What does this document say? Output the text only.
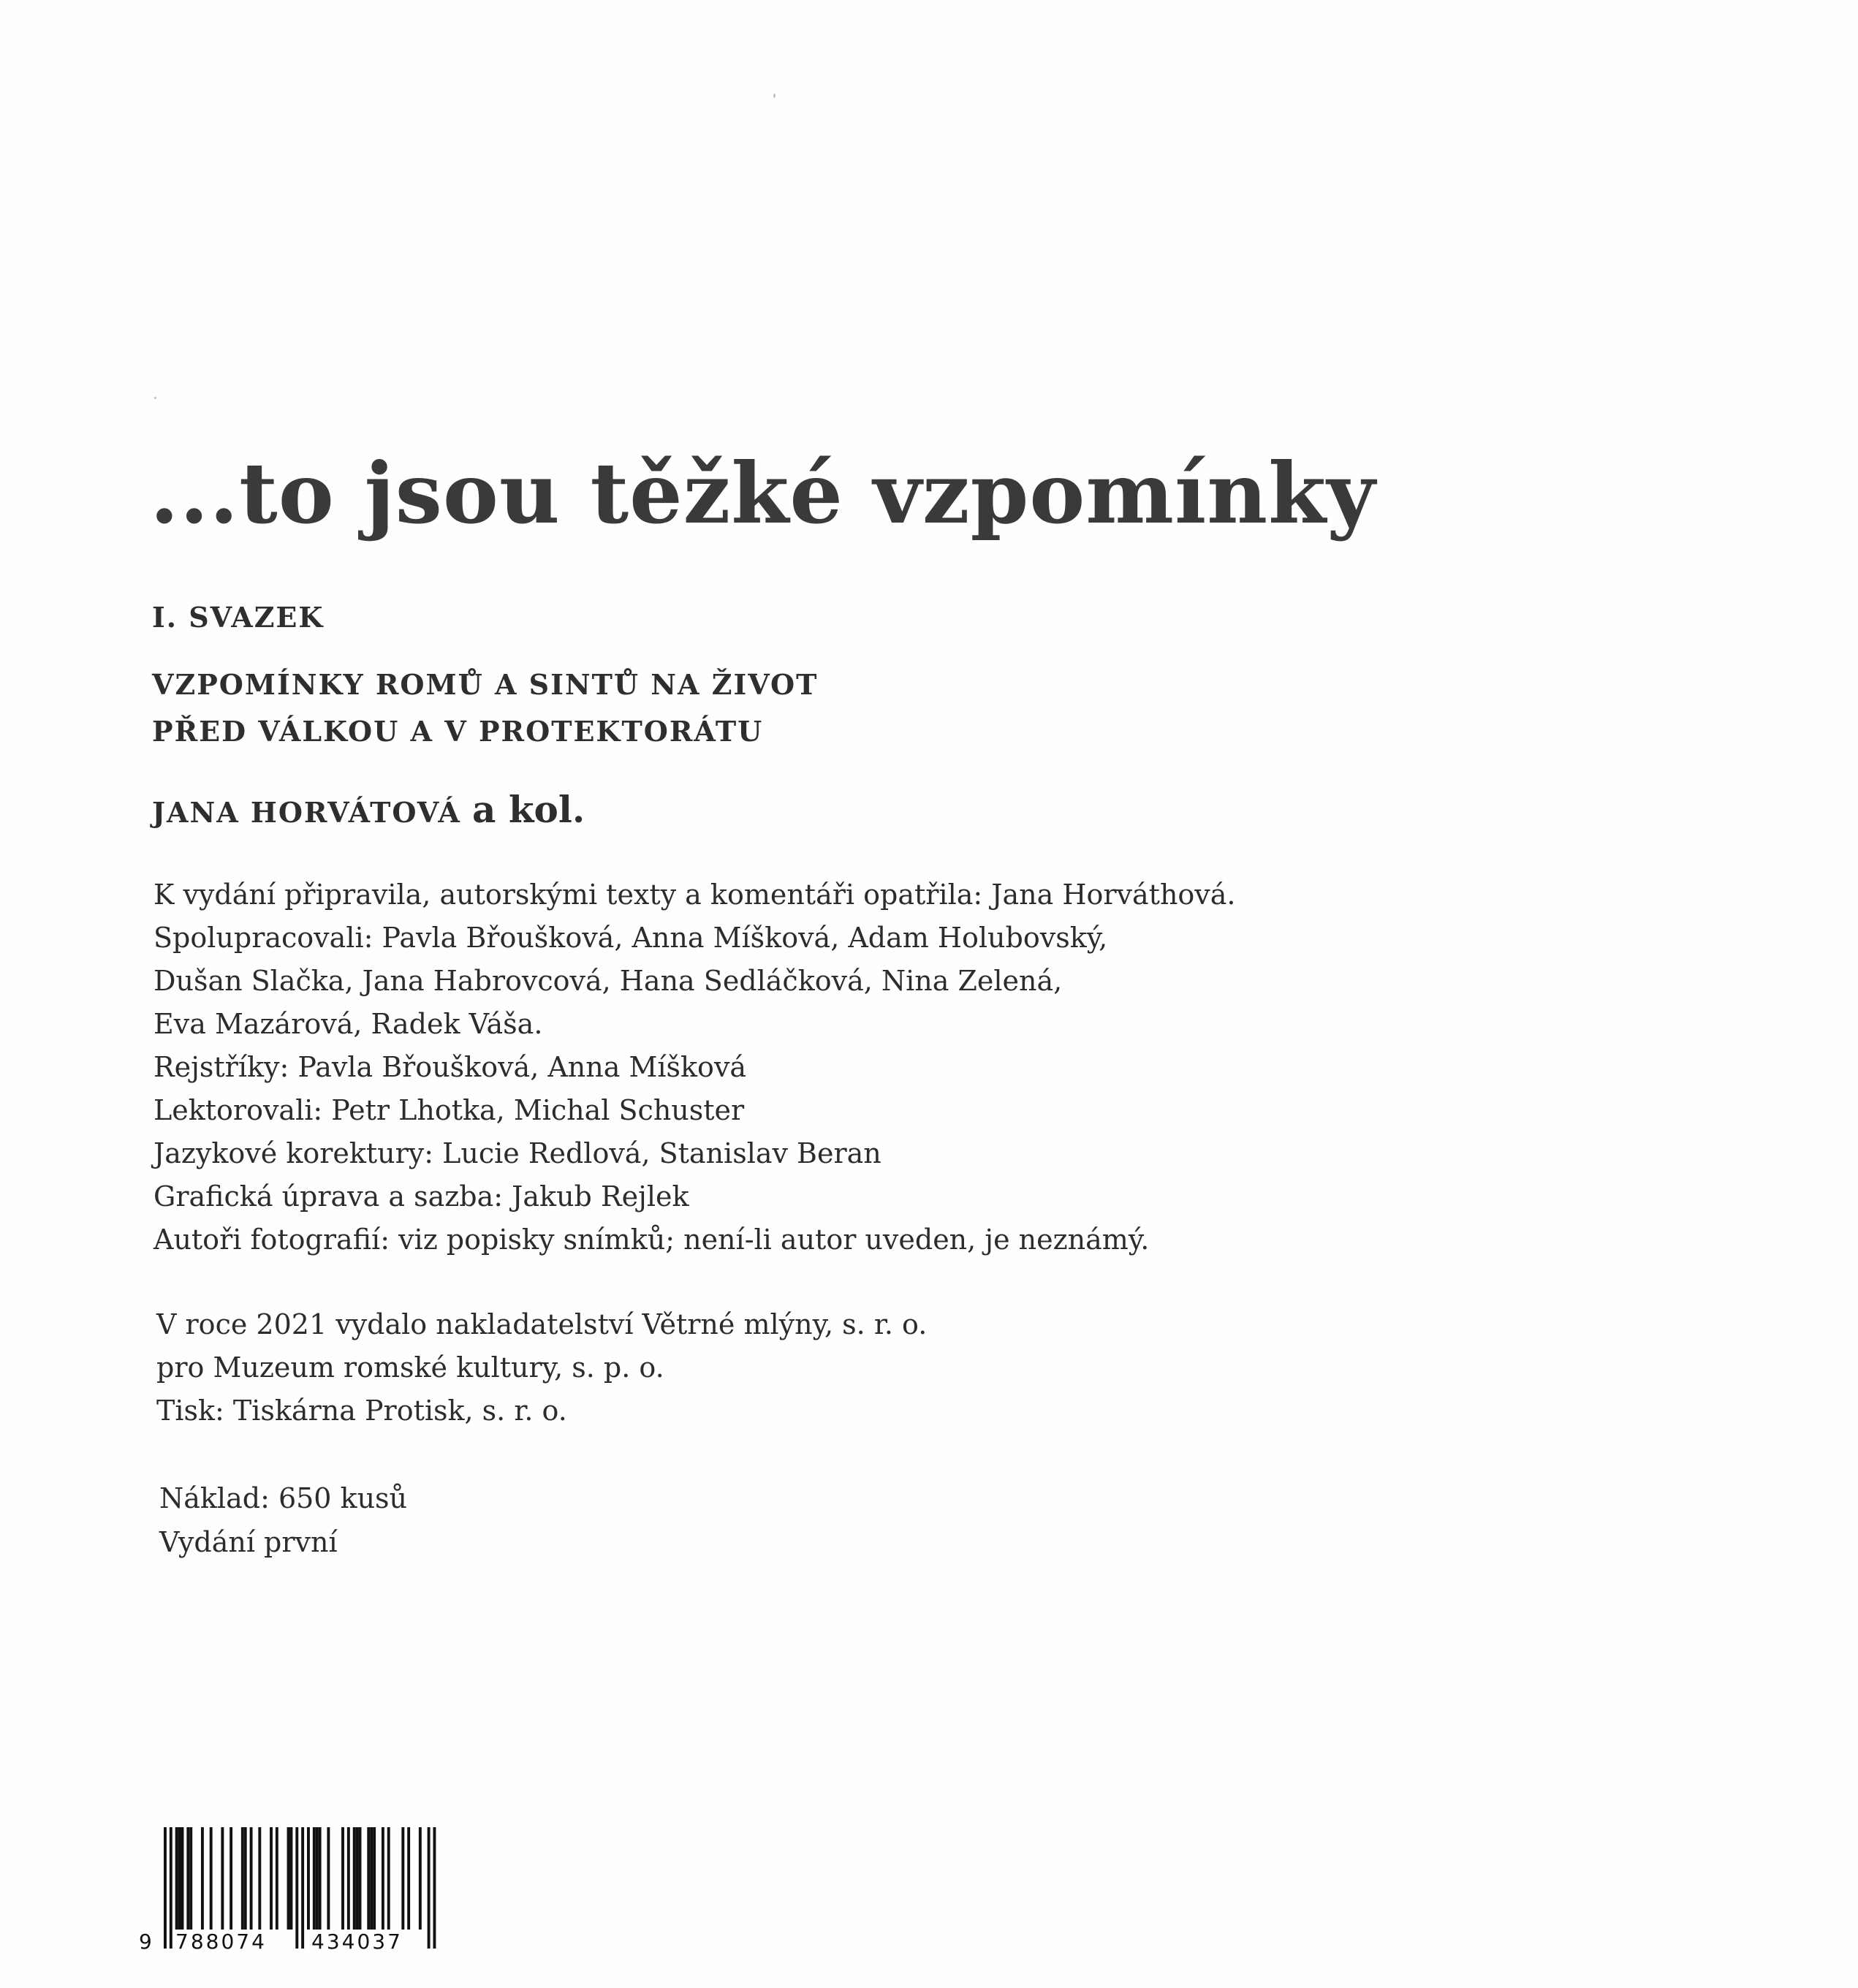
...to jsou těžké vzpomínky
I. SVAZEK
VZPOMÍNKY ROMŮ A SINTŮ NA ŽIVOT
PŘED VÁLKOU A V PROTEKTORÁTU
JANA HORVÁTOVÁ a kol.
K vydání připravila, autorskými texty a komentáři opatřila: Jana Horváthová.
Spolupracovali: Pavla Břoušková, Anna Míšková, Adam Holubovský,
Dušan Slačka, Jana Habrovcová, Hana Sedláčková, Nina Zelená,
Eva Mazárová, Radek Váša.
Rejstříky: Pavla Břoušková, Anna Míšková
Lektorovali: Petr Lhotka, Michal Schuster
Jazykové korektury: Lucie Redlová, Stanislav Beran
Grafická úprava a sazba: Jakub Rejlek
Autoři fotografií: viz popisky snímků; není-li autor uveden, je neznámý.
V roce 2021 vydalo nakladatelství Větrné mlýny, s. r. o.
pro Muzeum romské kultury, s. p. o.
Tisk: Tiskárna Protisk, s. r. o.
Náklad: 650 kusů
Vydání první
9 788074 434037
